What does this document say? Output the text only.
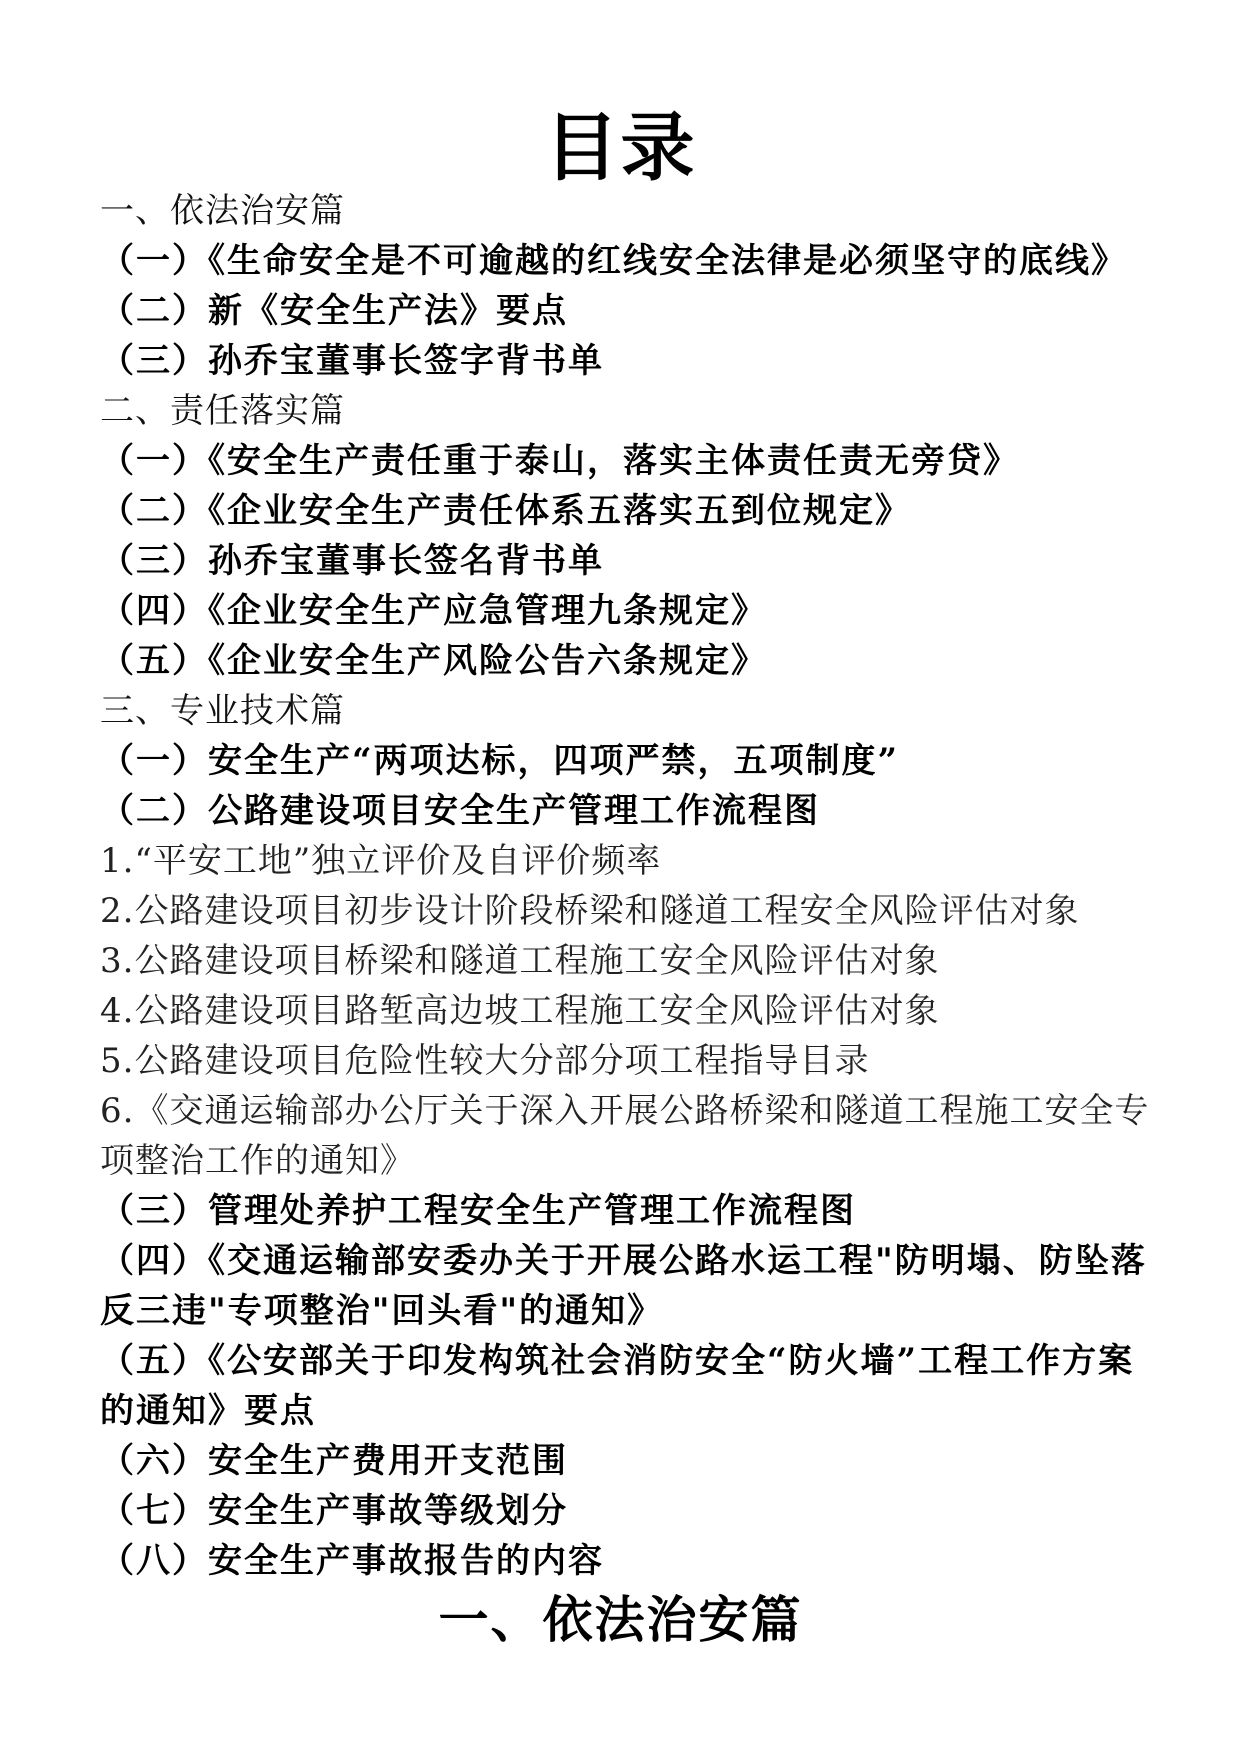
目录
一、依法治安篇
（一）《生命安全是不可逾越的红线安全法律是必须坚守的底线》
（二）新《安全生产法》要点
（三）孙乔宝董事长签字背书单
二、责任落实篇
（一）《安全生产责任重于泰山，落实主体责任责无旁贷》
（二）《企业安全生产责任体系五落实五到位规定》
（三）孙乔宝董事长签名背书单
（四）《企业安全生产应急管理九条规定》
（五）《企业安全生产风险公告六条规定》
三、专业技术篇
（一）安全生产“两项达标，四项严禁，五项制度”
（二）公路建设项目安全生产管理工作流程图
1.“平安工地”独立评价及自评价频率
2.公路建设项目初步设计阶段桥梁和隧道工程安全风险评估对象
3.公路建设项目桥梁和隧道工程施工安全风险评估对象
4.公路建设项目路堑高边坡工程施工安全风险评估对象
5.公路建设项目危险性较大分部分项工程指导目录
6.《交通运输部办公厅关于深入开展公路桥梁和隧道工程施工安全专项整治工作的通知》
（三）管理处养护工程安全生产管理工作流程图
（四）《交通运输部安委办关于开展公路水运工程"防明塌、防坠落反三违"专项整治"回头看"的通知》
（五）《公安部关于印发构筑社会消防安全“防火墙”工程工作方案的通知》要点
（六）安全生产费用开支范围
（七）安全生产事故等级划分
（八）安全生产事故报告的内容
一、依法治安篇
